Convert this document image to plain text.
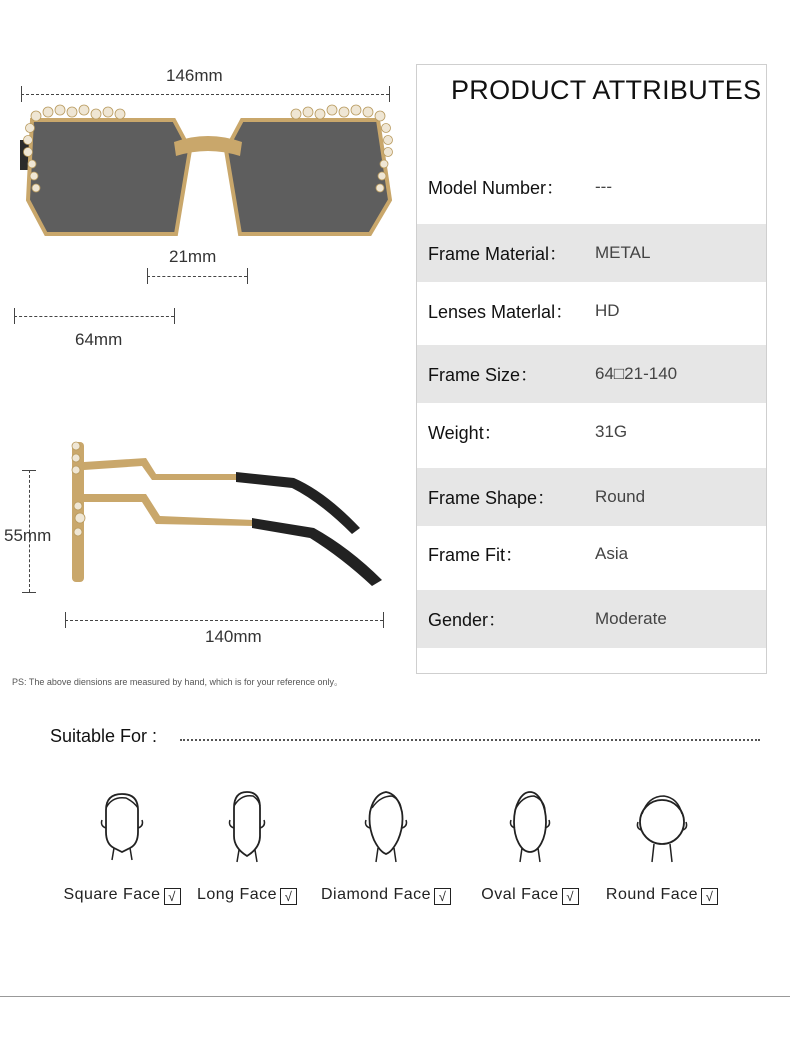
146mm
21mm
64mm
55mm
140mm
PS: The above diensions are measured by hand, which is for your reference only。
PRODUCT ATTRIBUTES
Model Number： ---
Frame Material： METAL
Lenses Materlal： HD
Frame Size：	64□21-140
Weight：	31G
Frame Shape： Round
Frame Fit：	Asia
Gender：	Moderate
Suitable For :
Square Face √	Long Face √	Diamond Face √	Oval Face √	Round Face √
